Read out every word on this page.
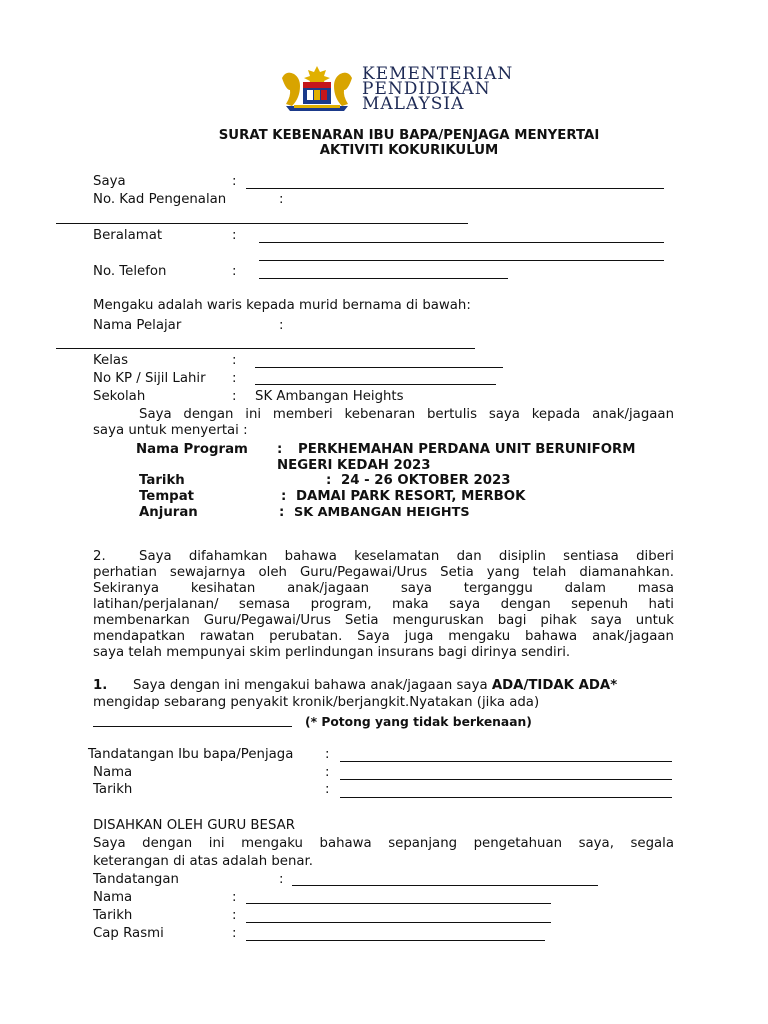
KEMENTERIAN
PENDIDIKAN
MALAYSIA
SURAT KEBENARAN IBU BAPA/PENJAGA MENYERTAI
AKTIVITI KOKURIKULUM
Saya	:
No. Kad Pengenalan	:
Beralamat	:
No. Telefon	:
Mengaku adalah waris kepada murid bernama di bawah:
Nama Pelajar	:
Kelas	:
No KP / Sijil Lahir :
Sekolah	: SK Ambangan Heights
Saya dengan ini memberi kebenaran bertulis saya kepada anak/jagaan
saya untuk menyertai :
Nama Program : PERKHEMAHAN PERDANA UNIT BERUNIFORM
NEGERI KEDAH 2023
Tarikh	: 24 - 26 OKTOBER 2023
Tempat	: DAMAI PARK RESORT, MERBOK
Anjuran	: SK AMBANGAN HEIGHTS
2.	Saya difahamkan bahawa keselamatan dan disiplin sentiasa diberi
perhatian sewajarnya oleh Guru/Pegawai/Urus Setia yang telah diamanahkan.
Sekiranya kesihatan anak/jagaan saya terganggu dalam masa
latihan/perjalanan/ semasa program, maka saya dengan sepenuh hati
membenarkan Guru/Pegawai/Urus Setia menguruskan bagi pihak saya untuk
mendapatkan rawatan perubatan. Saya juga mengaku bahawa anak/jagaan
saya telah mempunyai skim perlindungan insurans bagi dirinya sendiri.
1. Saya dengan ini mengakui bahawa anak/jagaan saya ADA/TIDAK ADA*
mengidap sebarang penyakit kronik/berjangkit.Nyatakan (jika ada)
(* Potong yang tidak berkenaan)
Tandatangan Ibu bapa/Penjaga :
Nama	:
Tarikh	:
DISAHKAN OLEH GURU BESAR
Saya dengan ini mengaku bahawa sepanjang pengetahuan saya, segala
keterangan di atas adalah benar.
Tandatangan	:
Nama	:
Tarikh	:
Cap Rasmi	:
